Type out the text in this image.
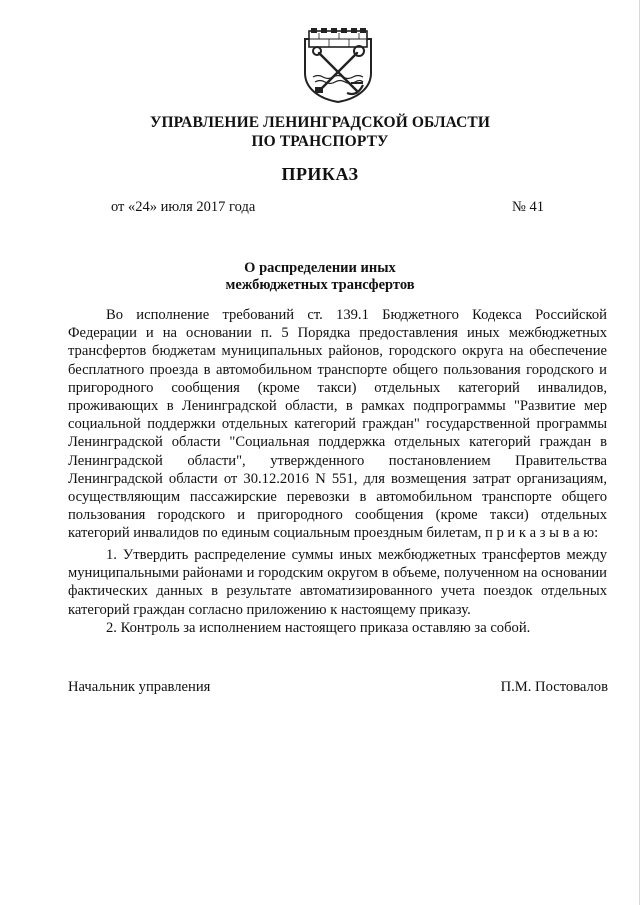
УПРАВЛЕНИЕ ЛЕНИНГРАДСКОЙ ОБЛАСТИ
ПО ТРАНСПОРТУ
ПРИКАЗ
от «24» июля 2017 года	№ 41
О распределении иных
межбюджетных трансфертов
Во исполнение требований ст. 139.1 Бюджетного Кодекса Российской Федерации и на основании п. 5 Порядка предоставления иных межбюджетных трансфертов бюджетам муниципальных районов, городского округа на обеспечение бесплатного проезда в автомобильном транспорте общего пользования городского и пригородного сообщения (кроме такси) отдельных категорий инвалидов, проживающих в Ленинградской области, в рамках подпрограммы "Развитие мер социальной поддержки отдельных категорий граждан" государственной программы Ленинградской области "Социальная поддержка отдельных категорий граждан в Ленинградской области", утвержденного постановлением Правительства Ленинградской области от 30.12.2016 N 551, для возмещения затрат организациям, осуществляющим пассажирские перевозки в автомобильном транспорте общего пользования городского и пригородного сообщения (кроме такси) отдельных категорий инвалидов по единым социальным проездным билетам, п р и к а з ы в а ю:
1. Утвердить распределение суммы иных межбюджетных трансфертов между муниципальными районами и городским округом в объеме, полученном на основании фактических данных в результате автоматизированного учета поездок отдельных категорий граждан согласно приложению к настоящему приказу.
2. Контроль за исполнением настоящего приказа оставляю за собой.
Начальник управления	П.М. Постовалов
